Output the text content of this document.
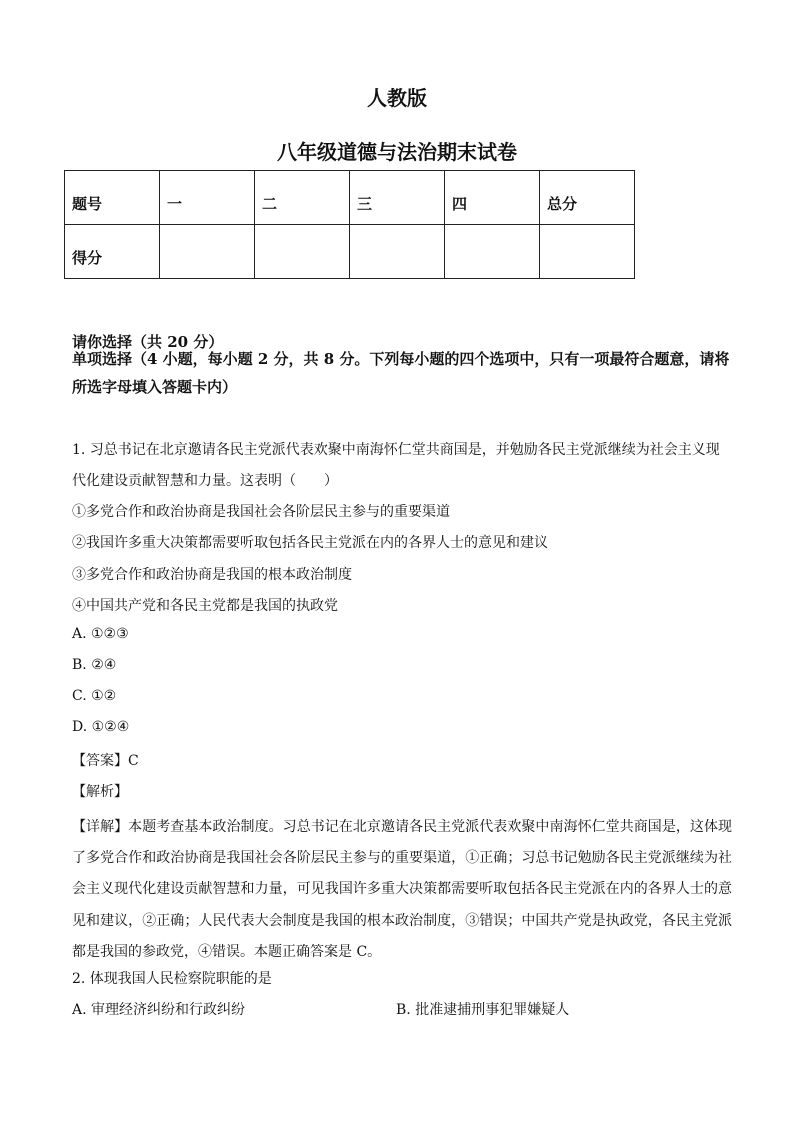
人教版
八年级道德与法治期末试卷
题号	一	二	三	四	总分
得分					
请你选择（共 20 分）
单项选择（4 小题，每小题 2 分，共 8 分。下列每小题的四个选项中，只有一项最符合题意，请将所选字母填入答题卡内）
1. 习总书记在北京邀请各民主党派代表欢聚中南海怀仁堂共商国是，并勉励各民主党派继续为社会主义现
代化建设贡献智慧和力量。这表明（　　）
①多党合作和政治协商是我国社会各阶层民主参与的重要渠道
②我国许多重大决策都需要听取包括各民主党派在内的各界人士的意见和建议
③多党合作和政治协商是我国的根本政治制度
④中国共产党和各民主党都是我国的执政党
A. ①②③
B. ②④
C. ①②
D. ①②④
【答案】C
【解析】
【详解】本题考查基本政治制度。习总书记在北京邀请各民主党派代表欢聚中南海怀仁堂共商国是，这体现了多党合作和政治协商是我国社会各阶层民主参与的重要渠道，①正确；习总书记勉励各民主党派继续为社会主义现代化建设贡献智慧和力量，可见我国许多重大决策都需要听取包括各民主党派在内的各界人士的意见和建议，②正确；人民代表大会制度是我国的根本政治制度，③错误；中国共产党是执政党，各民主党派都是我国的参政党，④错误。本题正确答案是 C。
2. 体现我国人民检察院职能的是
A. 审理经济纠纷和行政纠纷	B. 批准逮捕刑事犯罪嫌疑人
